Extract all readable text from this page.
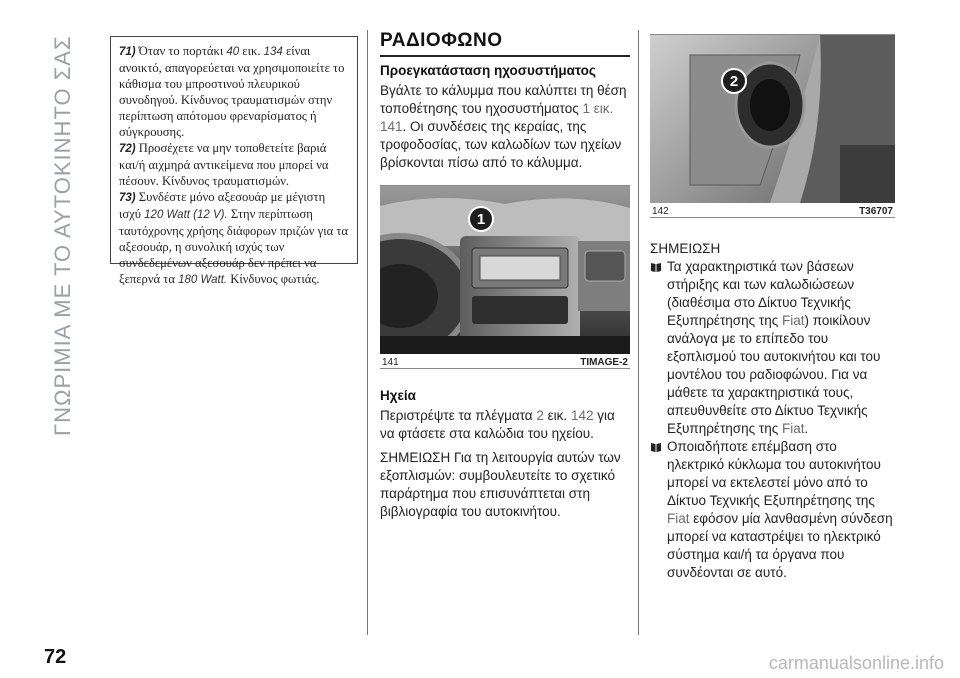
ΓΝΩΡΙΜΙΑ ΜΕ ΤΟ ΑΥΤΟΚΙΝΗΤΟ ΣΑΣ	71) Όταν το πορτάκι 40 εικ. 134 είναι ανοικτό, απαγορεύεται να χρησιμοποιείτε το κάθισμα του μπροστινού πλευρικού συνοδηγού. Κίνδυνος τραυματισμών στην περίπτωση απότομου φρεναρίσματος ή σύγκρουσης.

72) Προσέχετε να μην τοποθετείτε βαριά και/ή αιχμηρά αντικείμενα που μπορεί να πέσουν. Κίνδυνος τραυματισμών.

73) Συνδέστε μόνο αξεσουάρ με μέγιστη ισχύ 120 Watt (12 V). Στην περίπτωση ταυτόχρονης χρήσης διάφορων πριζών για τα αξεσουάρ, η συνολική ισχύς των συνδεδεμένων αξεσουάρ δεν πρέπει να ξεπερνά τα 180 Watt. Κίνδυνος φωτιάς.

ΡΑΔΙΟΦΩΝΟ
Προεγκατάσταση ηχοσυστήματος

Βγάλτε το κάλυμμα που καλύπτει τη θέση τοποθέτησης του ηχοσυστήματος 1 εικ. 141. Οι συνδέσεις της κεραίας, της τροφοδοσίας, των καλωδίων των ηχείων βρίσκονται πίσω από το κάλυμμα.

1
141	TIMAGE-2
Ηχεία

Περιστρέψτε τα πλέγματα 2 εικ. 142 για να φτάσετε στα καλώδια του ηχείου.

ΣΗΜΕΙΩΣΗ Για τη λειτουργία αυτών των εξοπλισμών: συμβουλευτείτε το σχετικό παράρτημα που επισυνάπτεται στη βιβλιογραφία του αυτοκινήτου.

2
142	T36707
ΣΗΜΕΙΩΣΗ
Τα χαρακτηριστικά των βάσεων στήριξης και των καλωδιώσεων (διαθέσιμα στο Δίκτυο Τεχνικής Εξυπηρέτησης της Fiat) ποικίλουν ανάλογα με το επίπεδο του εξοπλισμού του αυτοκινήτου και του μοντέλου του ραδιοφώνου. Για να μάθετε τα χαρακτηριστικά τους, απευθυνθείτε στο Δίκτυο Τεχνικής Εξυπηρέτησης της Fiat.
Οποιαδήποτε επέμβαση στο ηλεκτρικό κύκλωμα του αυτοκινήτου μπορεί να εκτελεστεί μόνο από το Δίκτυο Τεχνικής Εξυπηρέτησης της Fiat εφόσον μία λανθασμένη σύνδεση μπορεί να καταστρέψει το ηλεκτρικό σύστημα και/ή τα όργανα που συνδέονται σε αυτό.
72	carmanualsonline.info
